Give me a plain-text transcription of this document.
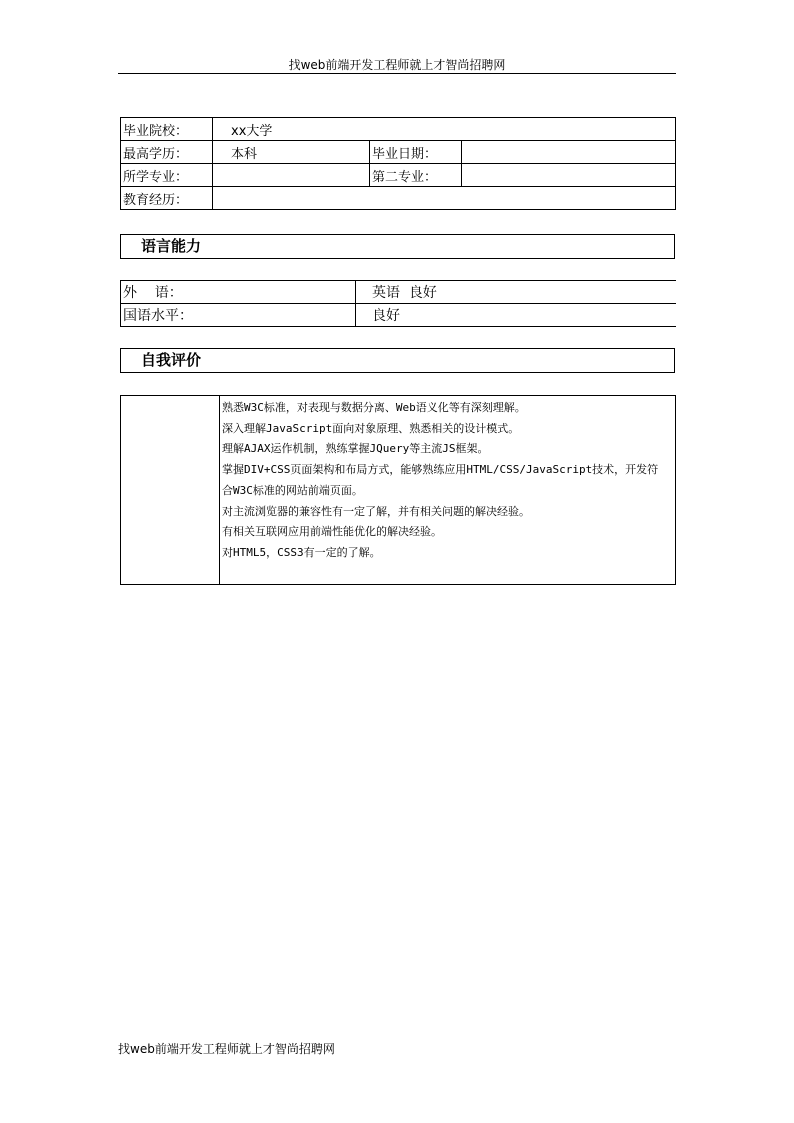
找web前端开发工程师就上才智尚招聘网
毕业院校：	xx大学		
最高学历：	本科	毕业日期：	
所学专业：		第二专业：	
教育经历：			
语言能力
外    语：	英语  良好
国语水平：	良好
自我评价

熟悉W3C标准，对表现与数据分离、Web语义化等有深刻理解。
深入理解JavaScript面向对象原理、熟悉相关的设计模式。
理解AJAX运作机制，熟练掌握JQuery等主流JS框架。
掌握DIV+CSS页面架构和布局方式，能够熟练应用HTML/CSS/JavaScript技术，开发符
合W3C标准的网站前端页面。
对主流浏览器的兼容性有一定了解，并有相关问题的解决经验。
有相关互联网应用前端性能优化的解决经验。
对HTML5，CSS3有一定的了解。
找web前端开发工程师就上才智尚招聘网
